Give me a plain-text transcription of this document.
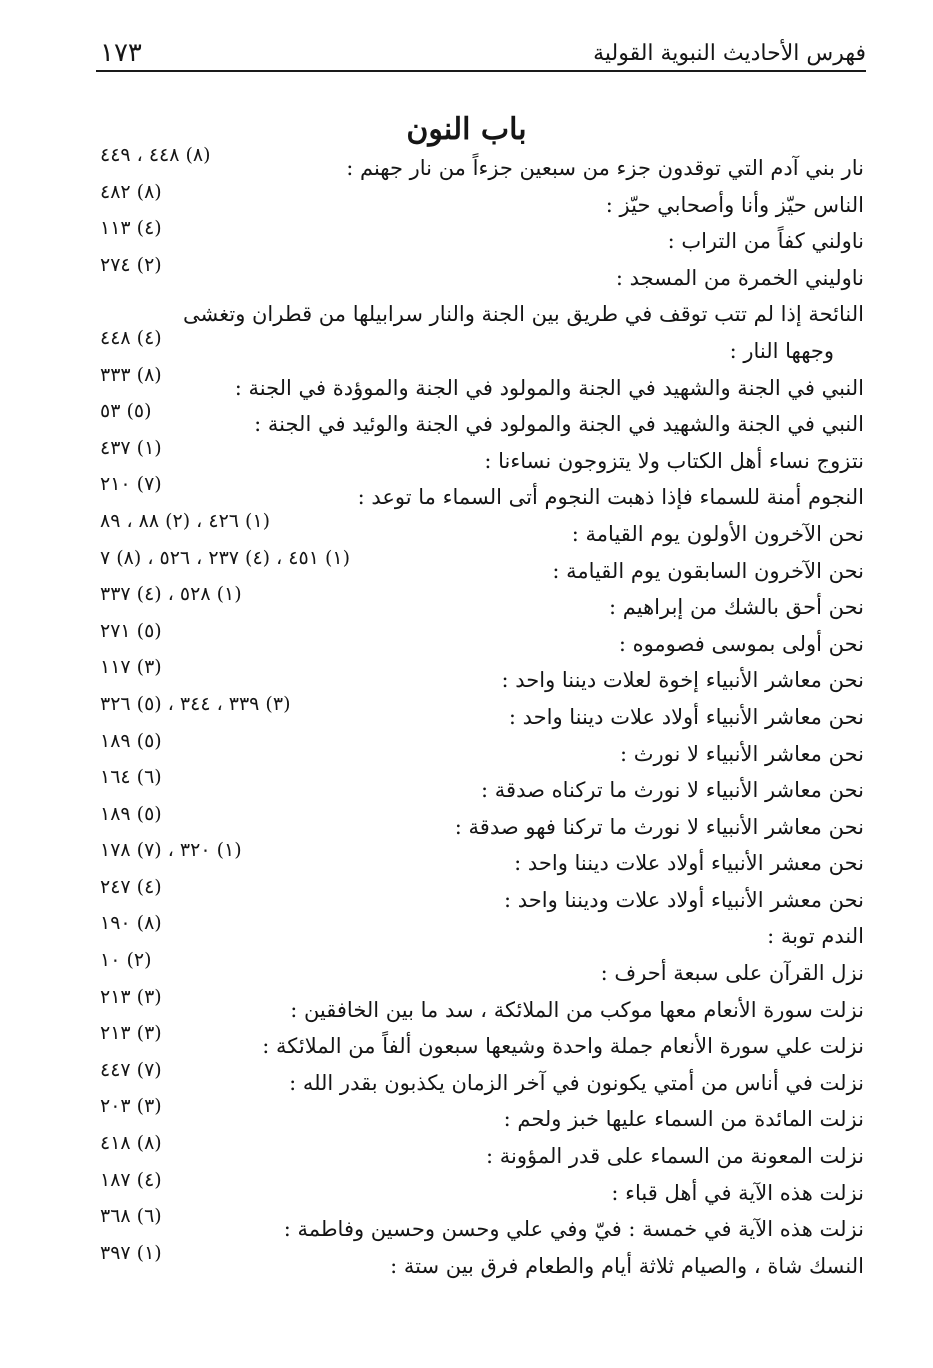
فهرس الأحاديث النبوية القولية
١٧٣
باب النون
نار بني آدم التي توقدون جزء من سبعين جزءاً من نار جهنم :
(٨) ٤٤٨ ، ٤٤٩
الناس حيّز وأنا وأصحابي حيّز :
(٨) ٤٨٢
ناولني كفاً من التراب :
(٤) ١١٣
ناوليني الخمرة من المسجد :
(٢) ٢٧٤
النائحة إذا لم تتب توقف في طريق بين الجنة والنار سرابيلها من قطران وتغشى
وجهها النار :
(٤) ٤٤٨
النبي في الجنة والشهيد في الجنة والمولود في الجنة والموؤدة في الجنة :
(٨) ٣٣٣
النبي في الجنة والشهيد في الجنة والمولود في الجنة والوئيد في الجنة :
(٥) ٥٣
نتزوج نساء أهل الكتاب ولا يتزوجون نساءنا :
(١) ٤٣٧
النجوم أمنة للسماء فإذا ذهبت النجوم أتى السماء ما توعد :
(٧) ٢١٠
نحن الآخرون الأولون يوم القيامة :
(١) ٤٢٦ ، (٢) ٨٨ ، ٨٩
نحن الآخرون السابقون يوم القيامة :
(١) ٤٥١ ، (٤) ٢٣٧ ، ٥٢٦ ، (٨) ٧
نحن أحق بالشك من إبراهيم :
(١) ٥٢٨ ، (٤) ٣٣٧
نحن أولى بموسى فصوموه :
(٥) ٢٧١
نحن معاشر الأنبياء إخوة لعلات ديننا واحد :
(٣) ١١٧
نحن معاشر الأنبياء أولاد علات ديننا واحد :
(٣) ٣٣٩ ، ٣٤٤ ، (٥) ٣٢٦
نحن معاشر الأنبياء لا نورث :
(٥) ١٨٩
نحن معاشر الأنبياء لا نورث ما تركناه صدقة :
(٦) ١٦٤
نحن معاشر الأنبياء لا نورث ما تركنا فهو صدقة :
(٥) ١٨٩
نحن معشر الأنبياء أولاد علات ديننا واحد :
(١) ٣٢٠ ، (٧) ١٧٨
نحن معشر الأنبياء أولاد علات وديننا واحد :
(٤) ٢٤٧
الندم توبة :
(٨) ١٩٠
نزل القرآن على سبعة أحرف :
(٢) ١٠
نزلت سورة الأنعام معها موكب من الملائكة ، سد ما بين الخافقين :
(٣) ٢١٣
نزلت علي سورة الأنعام جملة واحدة وشيعها سبعون ألفاً من الملائكة :
(٣) ٢١٣
نزلت في أناس من أمتي يكونون في آخر الزمان يكذبون بقدر الله :
(٧) ٤٤٧
نزلت المائدة من السماء عليها خبز ولحم :
(٣) ٢٠٣
نزلت المعونة من السماء على قدر المؤونة :
(٨) ٤١٨
نزلت هذه الآية في أهل قباء :
(٤) ١٨٧
نزلت هذه الآية في خمسة : فيّ وفي علي وحسن وحسين وفاطمة :
(٦) ٣٦٨
النسك شاة ، والصيام ثلاثة أيام والطعام فرق بين ستة :
(١) ٣٩٧
